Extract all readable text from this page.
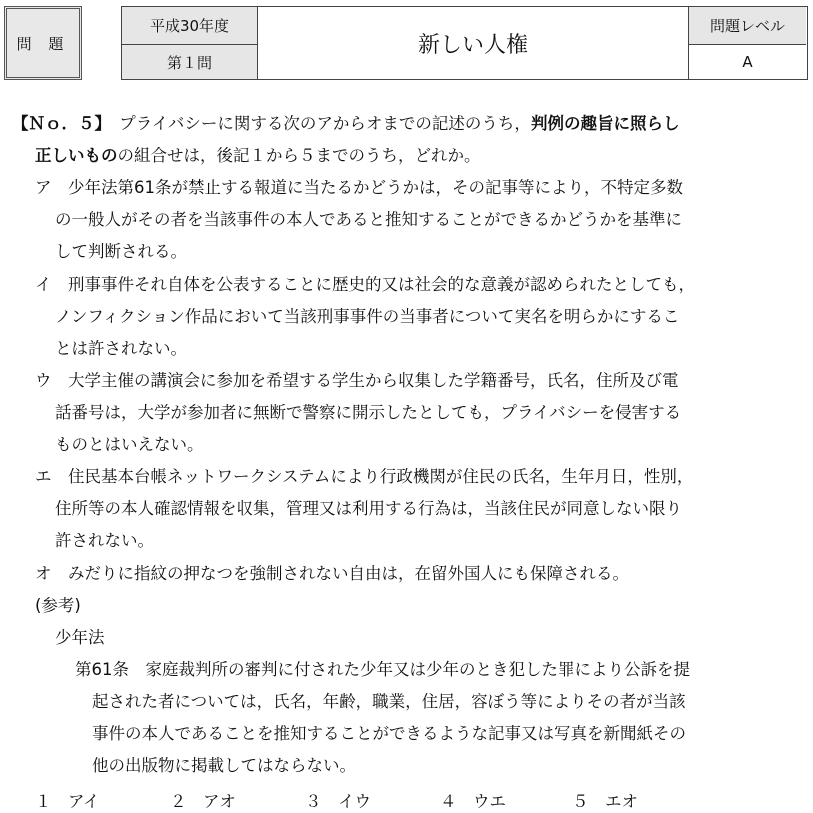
問 題
平成30年度
第１問
新しい人権
問題レベル
A
【Ｎｏ．５】　プライバシーに関する次のアからオまでの記述のうち，判例の趣旨に照らし
正しいものの組合せは，後記１から５までのうち，どれか。
ア　少年法第61条が禁止する報道に当たるかどうかは，その記事等により，不特定多数
の一般人がその者を当該事件の本人であると推知することができるかどうかを基準に
して判断される。
イ　刑事事件それ自体を公表することに歴史的又は社会的な意義が認められたとしても，
ノンフィクション作品において当該刑事事件の当事者について実名を明らかにするこ
とは許されない。
ウ　大学主催の講演会に参加を希望する学生から収集した学籍番号，氏名，住所及び電
話番号は，大学が参加者に無断で警察に開示したとしても，プライバシーを侵害する
ものとはいえない。
エ　住民基本台帳ネットワークシステムにより行政機関が住民の氏名，生年月日，性別，
住所等の本人確認情報を収集，管理又は利用する行為は，当該住民が同意しない限り
許されない。
オ　みだりに指紋の押なつを強制されない自由は，在留外国人にも保障される。
(参考)
少年法
第61条　家庭裁判所の審判に付された少年又は少年のとき犯した罪により公訴を提
起された者については，氏名，年齢，職業，住居，容ぼう等によりその者が当該
事件の本人であることを推知することができるような記事又は写真を新聞紙その
他の出版物に掲載してはならない。
１　アイ	２　アオ	３　イウ	４　ウエ	５　エオ
